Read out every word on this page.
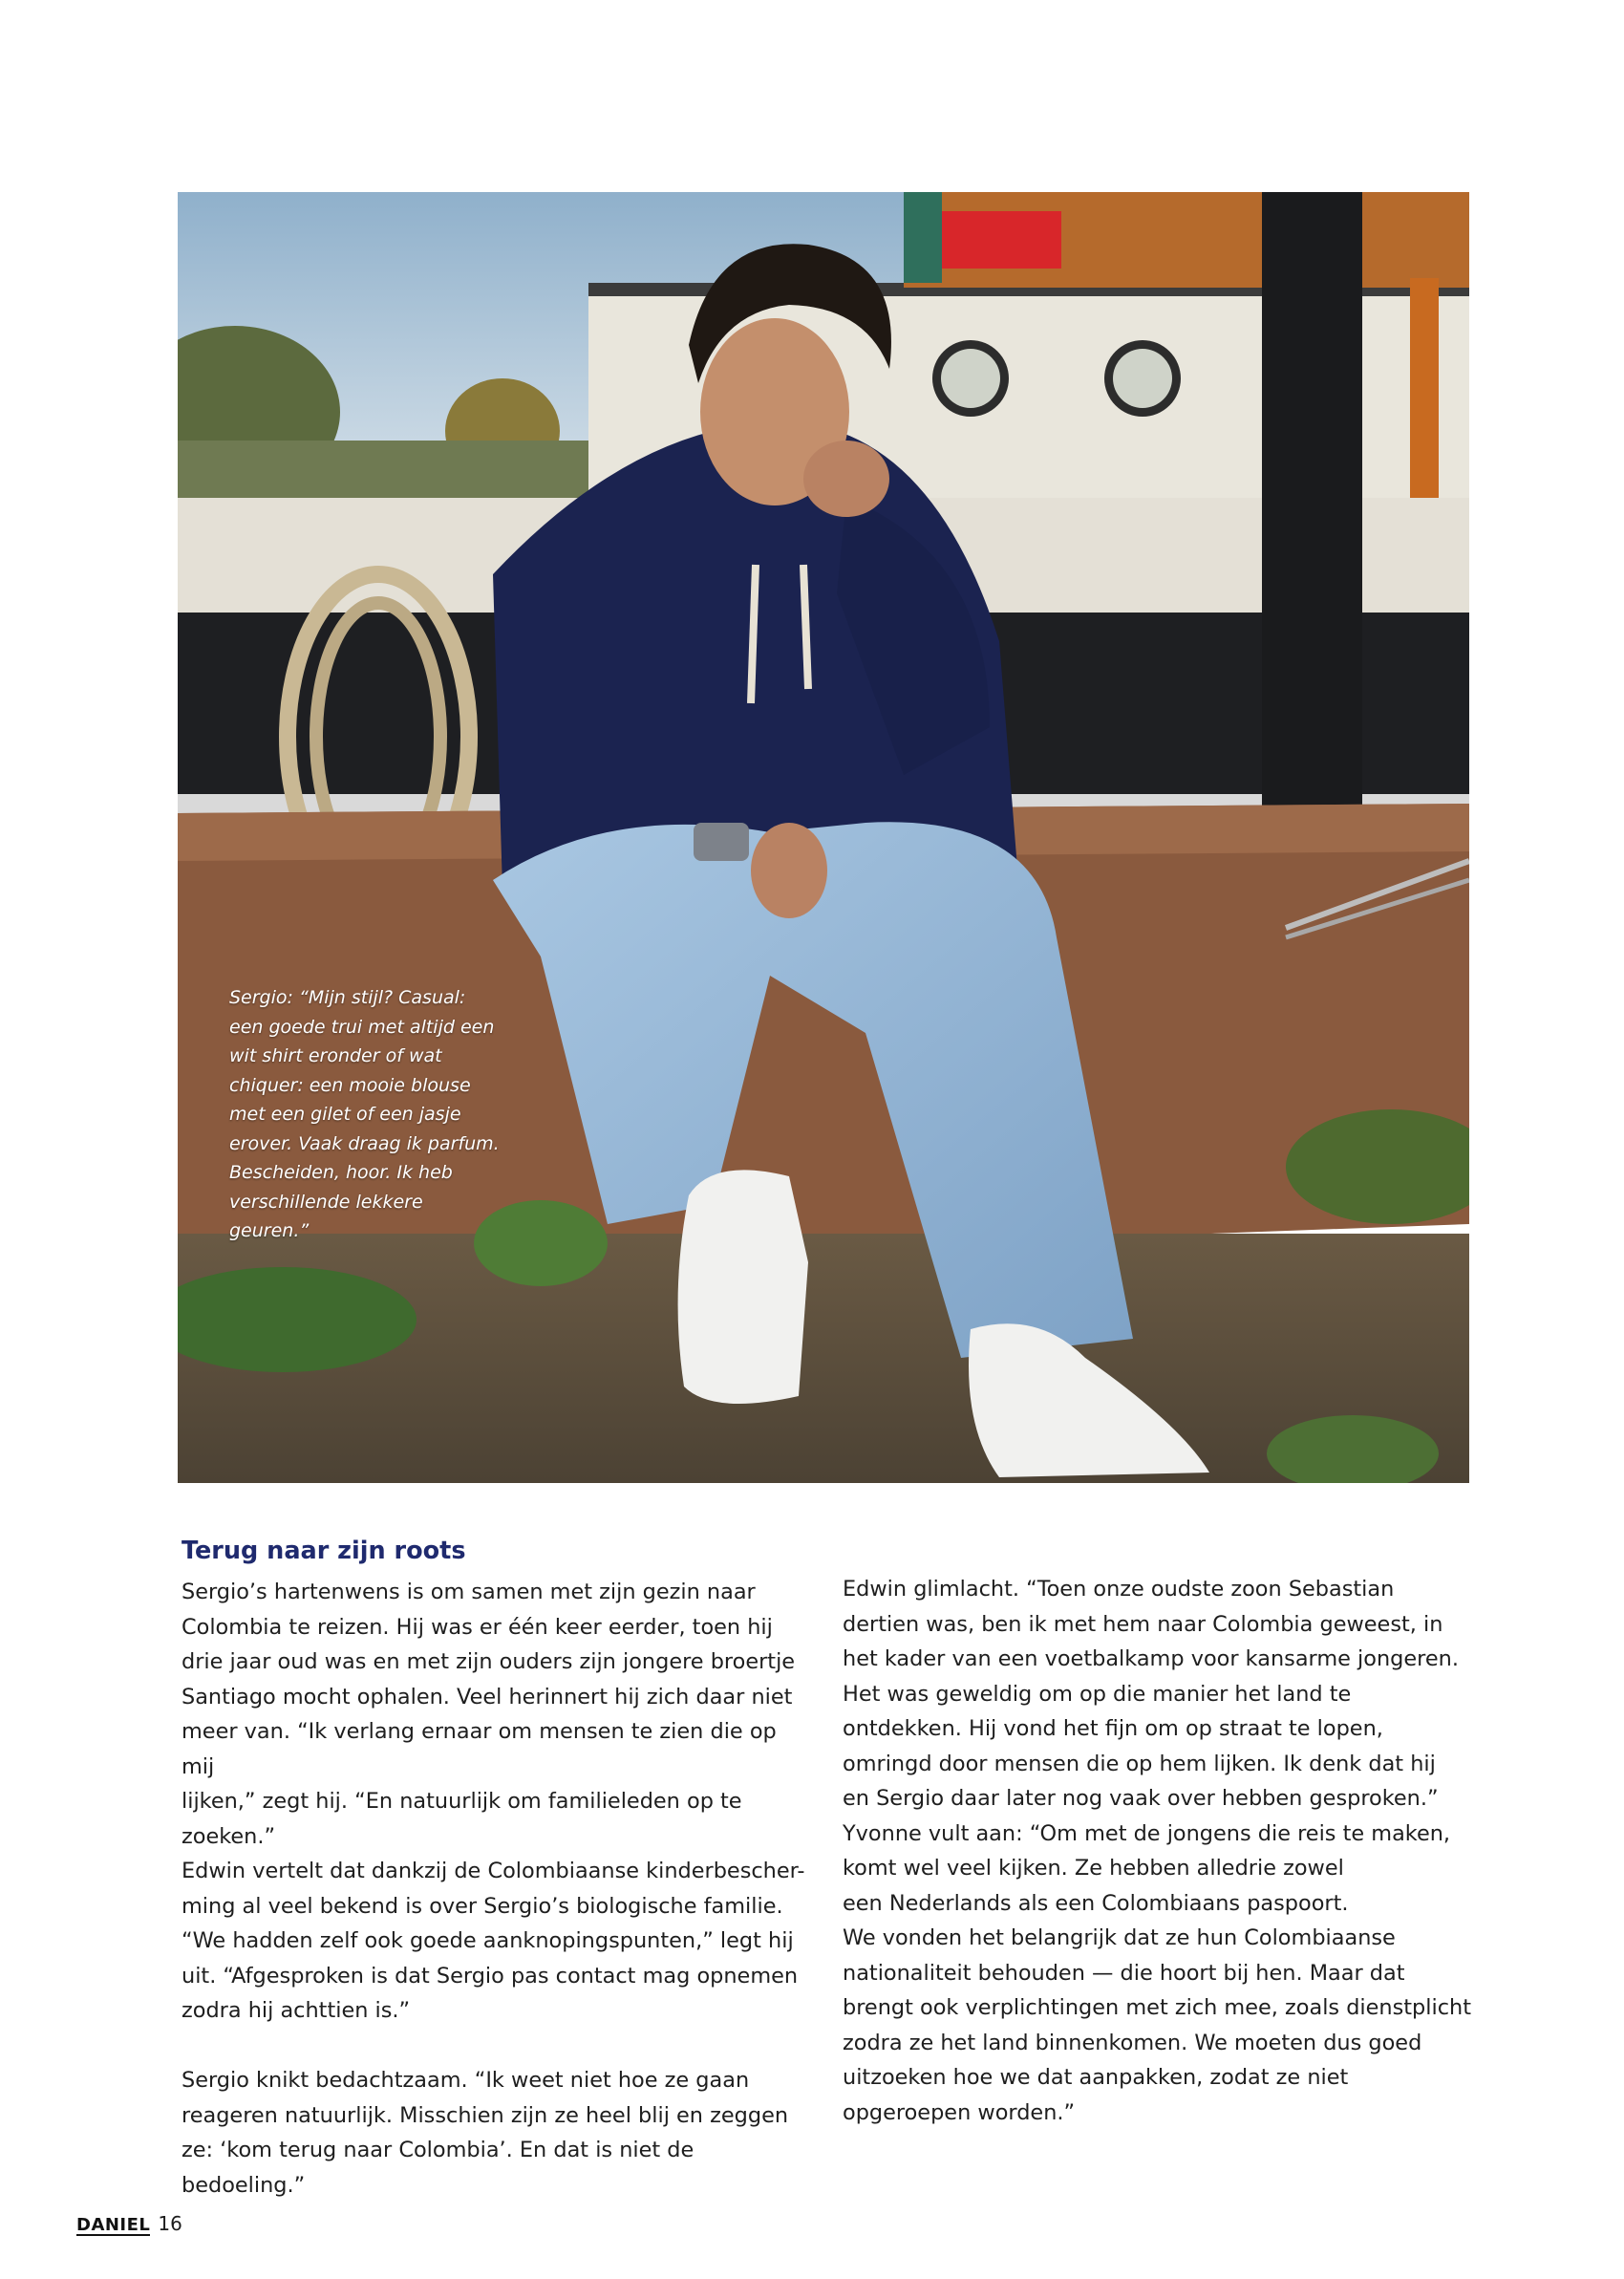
Sergio: “Mijn stijl? Casual:
een goede trui met altijd een
wit shirt eronder of wat
chiquer: een mooie blouse
met een gilet of een jasje
erover. Vaak draag ik parfum.
Bescheiden, hoor. Ik heb
verschillende lekkere
geuren.”
Terug naar zijn roots

Sergio’s hartenwens is om samen met zijn gezin naar

Colombia te reizen. Hij was er één keer eerder, toen hij

drie jaar oud was en met zijn ouders zijn jongere broertje

Santiago mocht ophalen. Veel herinnert hij zich daar niet

meer van. “Ik verlang ernaar om mensen te zien die op mij

lijken,” zegt hij. “En natuurlijk om familieleden op te

zoeken.”

Edwin vertelt dat dankzij de Colombiaanse kinderbescher-

ming al veel bekend is over Sergio’s biologische familie.

“We hadden zelf ook goede aanknopingspunten,” legt hij

uit. “Afgesproken is dat Sergio pas contact mag opnemen

zodra hij achttien is.”

Sergio knikt bedachtzaam. “Ik weet niet hoe ze gaan

reageren natuurlijk. Misschien zijn ze heel blij en zeggen

ze: ‘kom terug naar Colombia’. En dat is niet de bedoeling.”

Edwin glimlacht. “Toen onze oudste zoon Sebastian

dertien was, ben ik met hem naar Colombia geweest, in

het kader van een voetbalkamp voor kansarme jongeren.

Het was geweldig om op die manier het land te

ontdekken. Hij vond het fijn om op straat te lopen,

omringd door mensen die op hem lijken. Ik denk dat hij

en Sergio daar later nog vaak over hebben gesproken.”

Yvonne vult aan: “Om met de jongens die reis te maken,

komt wel veel kijken. Ze hebben alledrie zowel

een Nederlands als een Colombiaans paspoort.

We vonden het belangrijk dat ze hun Colombiaanse

nationaliteit behouden — die hoort bij hen. Maar dat

brengt ook verplichtingen met zich mee, zoals dienstplicht

zodra ze het land binnenkomen. We moeten dus goed

uitzoeken hoe we dat aanpakken, zodat ze niet

opgeroepen worden.”

DANIEL 16
